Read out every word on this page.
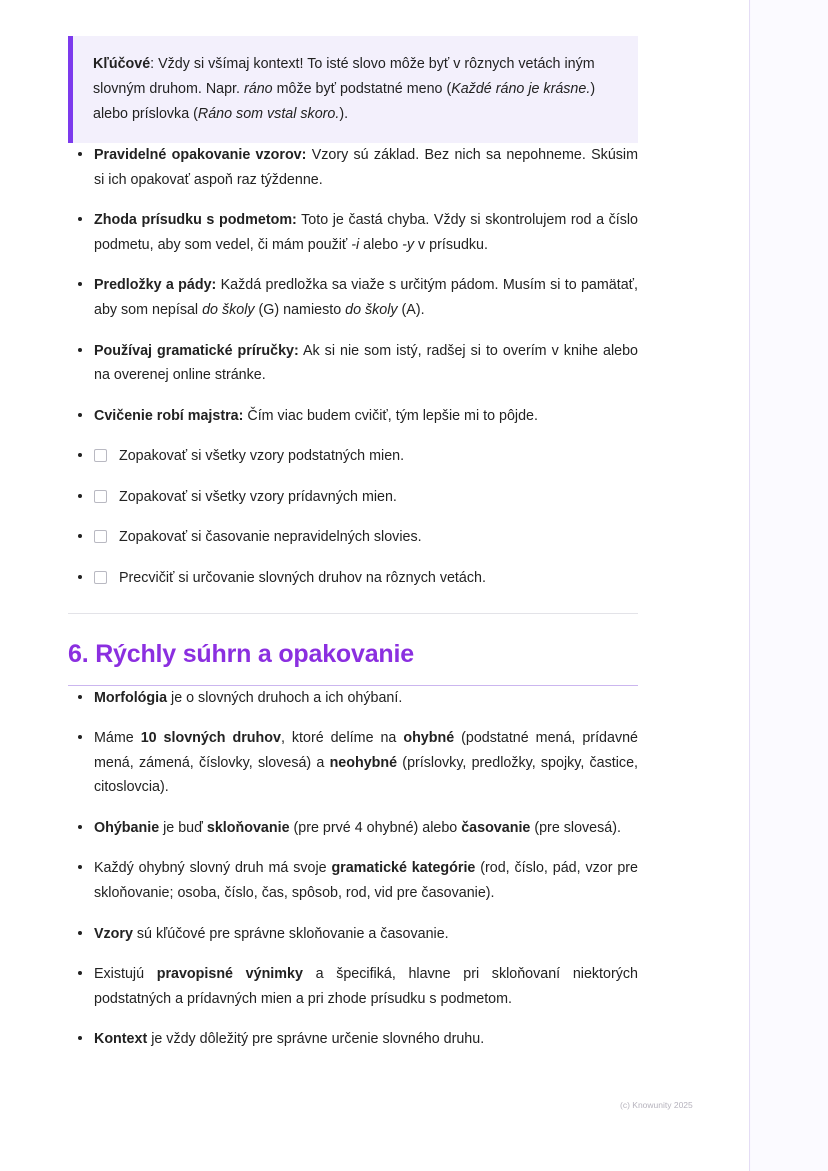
Kľúčové: Vždy si všímaj kontext! To isté slovo môže byť v rôznych vetách iným slovným druhom. Napr. ráno môže byť podstatné meno (Každé ráno je krásne.) alebo príslovka (Ráno som vstal skoro.).

Pravidelné opakovanie vzorov: Vzory sú základ. Bez nich sa nepohneme. Skúsim si ich opakovať aspoň raz týždenne.
Zhoda prísudku s podmetom: Toto je častá chyba. Vždy si skontrolujem rod a číslo podmetu, aby som vedel, či mám použiť -i alebo -y v prísudku.
Predložky a pády: Každá predložka sa viaže s určitým pádom. Musím si to pamätať, aby som nepísal do školy (G) namiesto do školy (A).
Používaj gramatické príručky: Ak si nie som istý, radšej si to overím v knihe alebo na overenej online stránke.
Cvičenie robí majstra: Čím viac budem cvičiť, tým lepšie mi to pôjde.
Zopakovať si všetky vzory podstatných mien.
Zopakovať si všetky vzory prídavných mien.
Zopakovať si časovanie nepravidelných slovies.
Precvičiť si určovanie slovných druhov na rôznych vetách.
6. Rýchly súhrn a opakovanie
Morfológia je o slovných druhoch a ich ohýbaní.
Máme 10 slovných druhov, ktoré delíme na ohybné (podstatné mená, prídavné mená, zámená, číslovky, slovesá) a neohybné (príslovky, predložky, spojky, častice, citoslovcia).
Ohýbanie je buď skloňovanie (pre prvé 4 ohybné) alebo časovanie (pre slovesá).
Každý ohybný slovný druh má svoje gramatické kategórie (rod, číslo, pád, vzor pre skloňovanie; osoba, číslo, čas, spôsob, rod, vid pre časovanie).
Vzory sú kľúčové pre správne skloňovanie a časovanie.
Existujú pravopisné výnimky a špecifiká, hlavne pri skloňovaní niektorých podstatných a prídavných mien a pri zhode prísudku s podmetom.
Kontext je vždy dôležitý pre správne určenie slovného druhu.
(c) Knowunity 2025
